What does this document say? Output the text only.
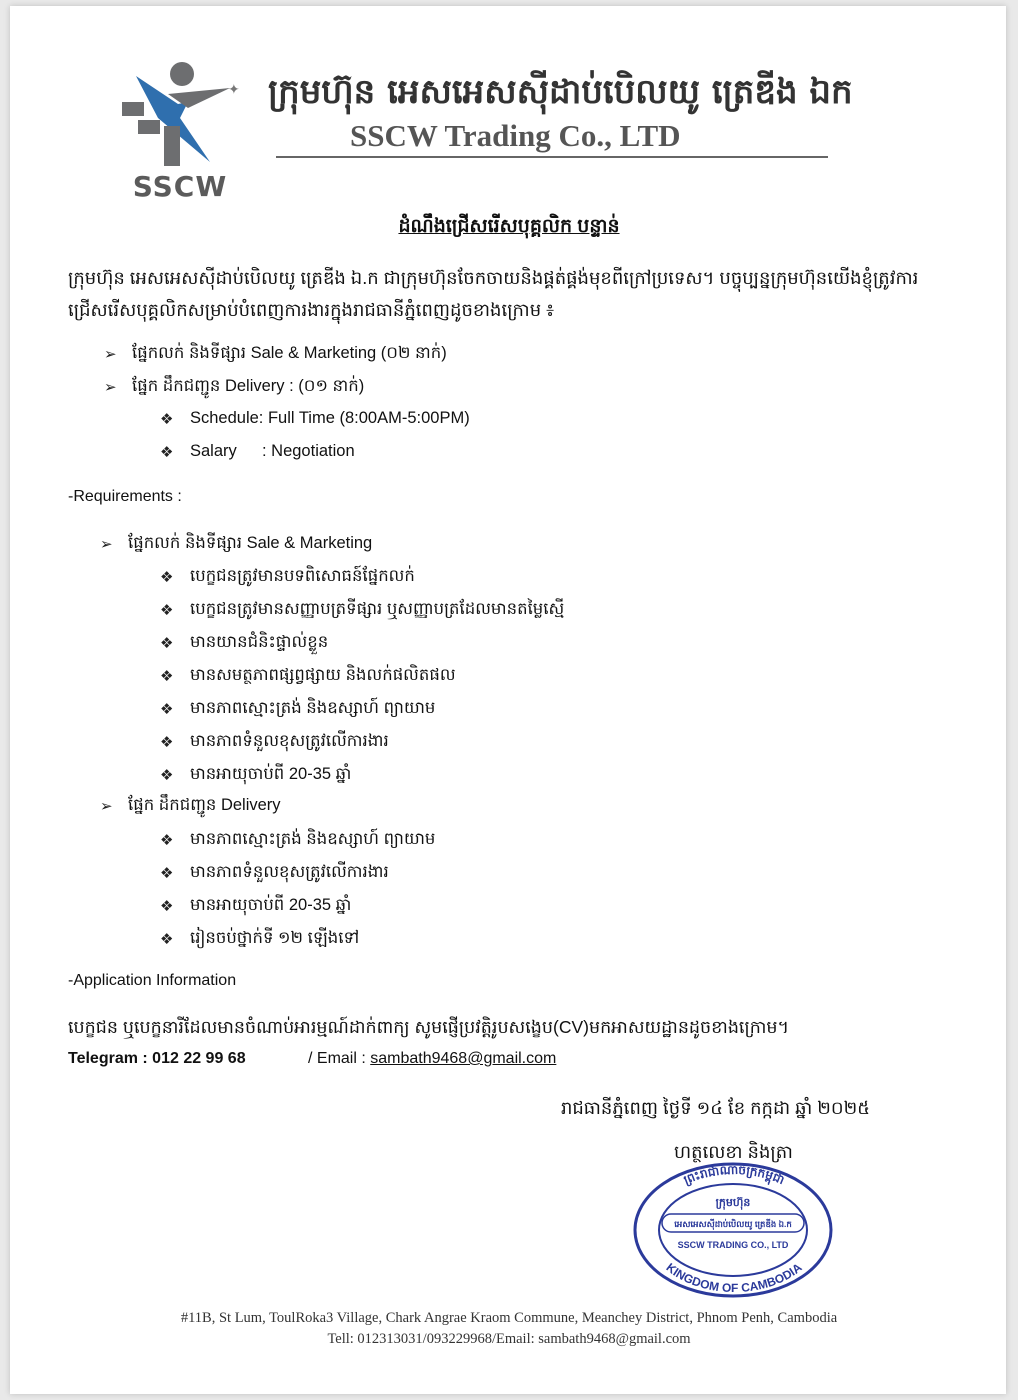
✦
SSCW
ក្រុមហ៊ុន អេសអេសស៊ីដាប់បេិលយូ ត្រេឌីង ឯក
SSCW Trading Co., LTD
ដំណឹងជ្រើសរើសបុគ្គលិក បន្ទាន់
ក្រុមហ៊ុន អេសអេសស៊ីដាប់បេិលយូ ត្រេឌីង ឯ.ក ជាក្រុមហ៊ុនចែកចាយនិងផ្គត់ផ្គង់មុខពីក្រៅប្រទេស។ បច្ចុប្បន្នក្រុមហ៊ុនយើងខ្ញុំត្រូវការជ្រើសរើសបុគ្គលិកសម្រាប់បំពេញការងារក្នុងរាជធានីភ្នំពេញដូចខាងក្រោម ៖
➢ ផ្នែកលក់ និងទីផ្សារ Sale & Marketing (០២ នាក់)
➢ ផ្នែក ដឹកជញ្ជូន Delivery : (០១ នាក់)
❖ Schedule: Full Time (8:00AM-5:00PM)
❖ Salary : Negotiation
-Requirements :
➢ ផ្នែកលក់ និងទីផ្សារ Sale & Marketing
❖ បេក្ខជនត្រូវមានបទពិសោធន៍ផ្នែកលក់
❖ បេក្ខជនត្រូវមានសញ្ញាបត្រទីផ្សារ ឬសញ្ញាបត្រដែលមានតម្លៃស្មើ
❖ មានយានជំនិះផ្ទាល់ខ្លួន
❖ មានសមត្ថភាពផ្សព្វផ្សាយ និងលក់ផលិតផល
❖ មានភាពស្មោះត្រង់ និងឧស្សាហ៍ ព្យាយាម
❖ មានភាពទំនួលខុសត្រូវលើការងារ
❖ មានអាយុចាប់ពី 20-35 ឆ្នាំ
➢ ផ្នែក ដឹកជញ្ជូន Delivery
❖ មានភាពស្មោះត្រង់ និងឧស្សាហ៍ ព្យាយាម
❖ មានភាពទំនួលខុសត្រូវលើការងារ
❖ មានអាយុចាប់ពី 20-35 ឆ្នាំ
❖ រៀនចប់ថ្នាក់ទី ១២ ឡើងទៅ
-Application Information
បេក្ខជន ឬបេក្ខនារីដែលមានចំណាប់អារម្មណ៍ដាក់ពាក្យ សូមផ្ញើប្រវត្តិរូបសង្ខេប(CV)មកអាសយដ្ឋានដូចខាងក្រោម។
Telegram : 012 22 99 68	/ Email : sambath9468@gmail.com
រាជធានីភ្នំពេញ ថ្ងៃទី ១៤ ខែ កក្កដា ឆ្នាំ ២០២៥
ហត្ថលេខា និងត្រា
ព្រះរាជាណាចក្រកម្ពុជា
KINGDOM OF CAMBODIA
ក្រុមហ៊ុន
អេសអេសស៊ីដាប់បេិលយូ ត្រេឌីង ឯ.ក
SSCW TRADING CO., LTD
#11B, St Lum, ToulRoka3 Village, Chark Angrae Kraom Commune, Meanchey District, Phnom Penh, Cambodia
Tell: 012313031/093229968/Email: sambath9468@gmail.com
